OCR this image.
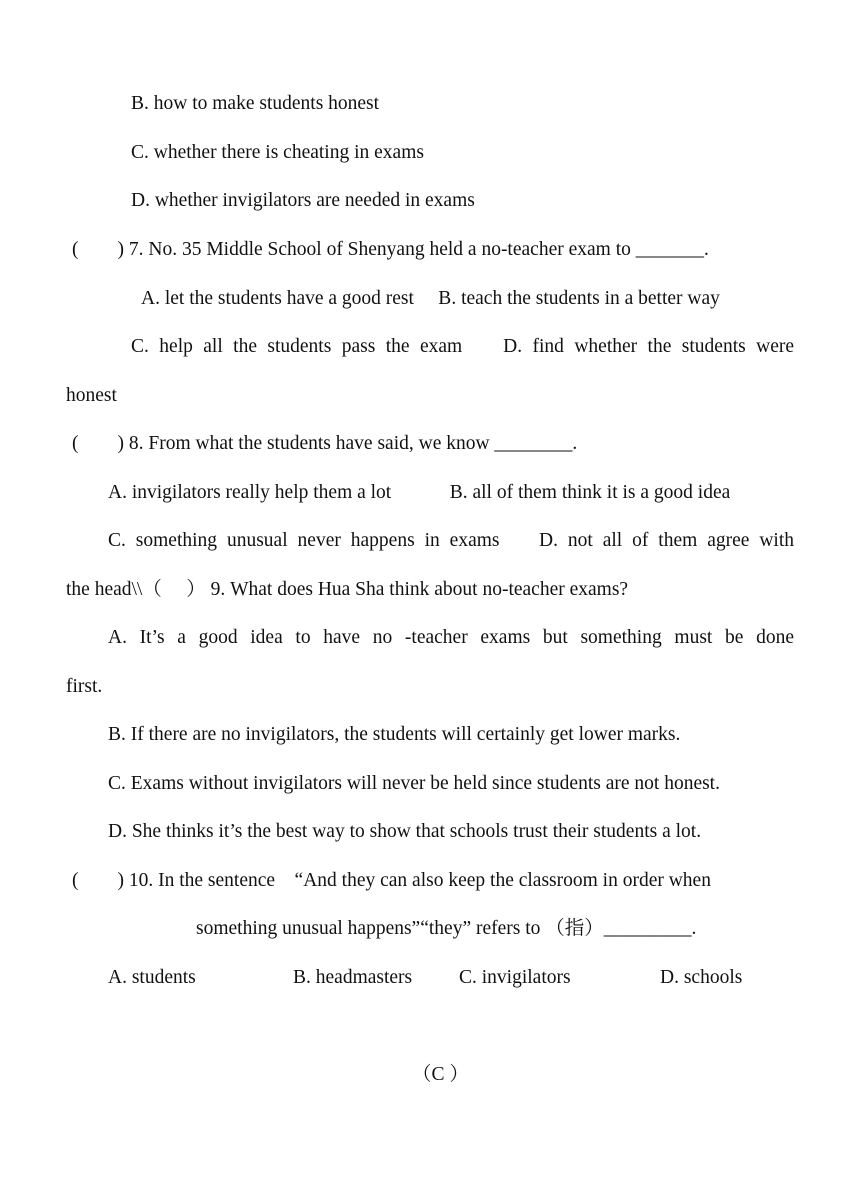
B. how to make students honest
C. whether there is cheating in exams
D. whether invigilators are needed in exams
(　　) 7. No. 35 Middle School of Shenyang held a no-teacher exam to _______.
A. let the students have a good rest　 B. teach the students in a better way
C. help all the students pass the exam　 D. find whether the students were
honest
(　　) 8. From what the students have said, we know ________.
A. invigilators really help them a lot　　　B. all of them think it is a good idea
C. something unusual never happens in exams　 D. not all of them agree with
the head\\（　 ） 9. What does Hua Sha think about no-teacher exams?
A. It’s a good idea to have no -teacher exams but something must be done
first.
B. If there are no invigilators, the students will certainly get lower marks.
C. Exams without invigilators will never be held since students are not honest.
D. She thinks it’s the best way to show that schools trust their students a lot.
(　　) 10. In the sentence　“And they can also keep the classroom in order when
something unusual happens”“they” refers to （指）_________.
A. students	B. headmasters C. invigilators	D. schools
（C ）
